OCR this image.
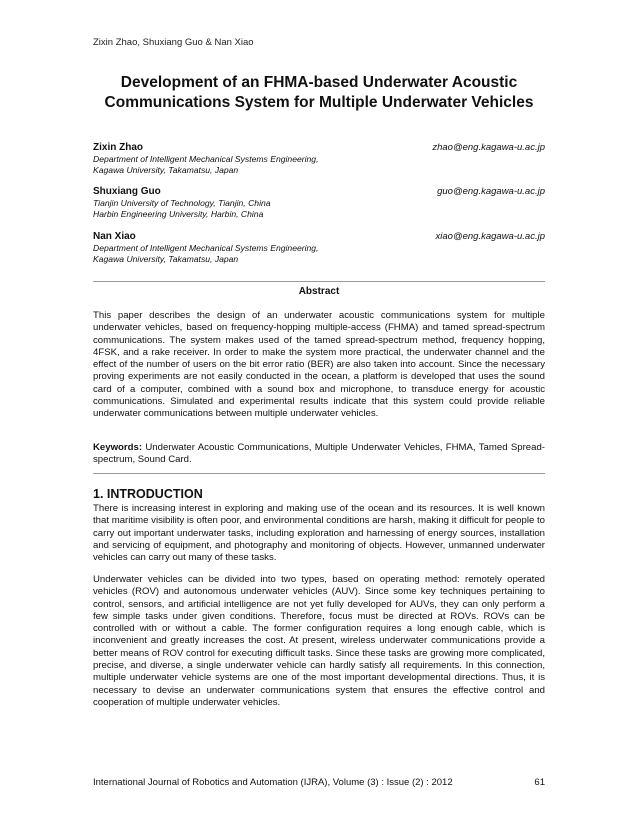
Zixin Zhao, Shuxiang Guo & Nan Xiao
Development of an FHMA-based Underwater Acoustic Communications System for Multiple Underwater Vehicles
Zixin Zhao	zhao@eng.kagawa-u.ac.jp
Department of Intelligent Mechanical Systems Engineering,
Kagawa University, Takamatsu, Japan
Shuxiang Guo	guo@eng.kagawa-u.ac.jp
Tianjin University of Technology, Tianjin, China
Harbin Engineering University, Harbin, China
Nan Xiao	xiao@eng.kagawa-u.ac.jp
Department of Intelligent Mechanical Systems Engineering,
Kagawa University, Takamatsu, Japan
Abstract

This paper describes the design of an underwater acoustic communications system for multiple underwater vehicles, based on frequency-hopping multiple-access (FHMA) and tamed spread-spectrum communications. The system makes used of the tamed spread-spectrum method, frequency hopping, 4FSK, and a rake receiver. In order to make the system more practical, the underwater channel and the effect of the number of users on the bit error ratio (BER) are also taken into account. Since the necessary proving experiments are not easily conducted in the ocean, a platform is developed that uses the sound card of a computer, combined with a sound box and microphone, to transduce energy for acoustic communications. Simulated and experimental results indicate that this system could provide reliable underwater communications between multiple underwater vehicles.

Keywords: Underwater Acoustic Communications, Multiple Underwater Vehicles, FHMA, Tamed Spread-spectrum, Sound Card.

1. INTRODUCTION

There is increasing interest in exploring and making use of the ocean and its resources. It is well known that maritime visibility is often poor, and environmental conditions are harsh, making it difficult for people to carry out important underwater tasks, including exploration and harnessing of energy sources, installation and servicing of equipment, and photography and monitoring of objects. However, unmanned underwater vehicles can carry out many of these tasks.

Underwater vehicles can be divided into two types, based on operating method: remotely operated vehicles (ROV) and autonomous underwater vehicles (AUV). Since some key techniques pertaining to control, sensors, and artificial intelligence are not yet fully developed for AUVs, they can only perform a few simple tasks under given conditions. Therefore, focus must be directed at ROVs. ROVs can be controlled with or without a cable. The former configuration requires a long enough cable, which is inconvenient and greatly increases the cost. At present, wireless underwater communications provide a better means of ROV control for executing difficult tasks. Since these tasks are growing more complicated, precise, and diverse, a single underwater vehicle can hardly satisfy all requirements. In this connection, multiple underwater vehicle systems are one of the most important developmental directions. Thus, it is necessary to devise an underwater communications system that ensures the effective control and cooperation of multiple underwater vehicles.

International Journal of Robotics and Automation (IJRA), Volume (3) : Issue (2) : 2012	61
